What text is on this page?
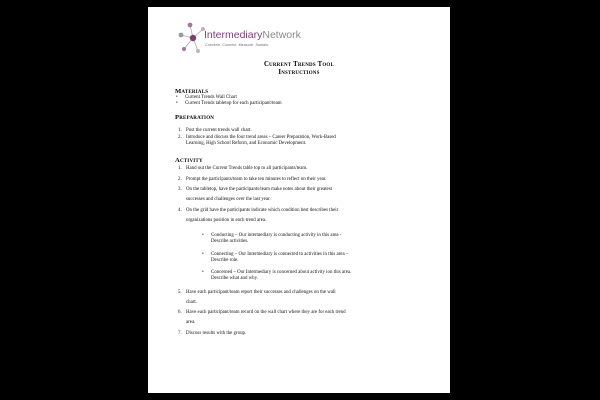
IntermediaryNetwork
Convene. Connect. Measure. Sustain.
Current Trends Tool
Instructions
Materials
• Current Trends Wall Chart
• Current Trends tabletop for each participant/team
Preparation
1. Post the current trends wall chart.
2. Introduce and discuss the four trend areas – Career Preparation, Work-Based
Learning, High School Reform, and Economic Development.
Activity
1. Hand out the Current Trends table top to all participants/team.
2. Prompt the participants/team to take ten minutes to reflect on their year.
3. On the tabletop, have the participants/team make notes about their greatest
successes and challenges over the last year.
4. On the grid have the participants indicate which condition best describes their
organizations position in each trend area.
• Conducting – Our intermediary is conducting activity in this area -
Describe activities.
• Connecting – Our Intermediary is connected to activities in this area –
Describe role.
• Concerned – Our Intermediary is concerned about activity ion this area.
Describe what and why.
5. Have each participant/team report their successes and challenges on the wall
chart.
6. Have each participant/team record on the wall chart where they are for each trend
area.
7. Discuss results with the group.
